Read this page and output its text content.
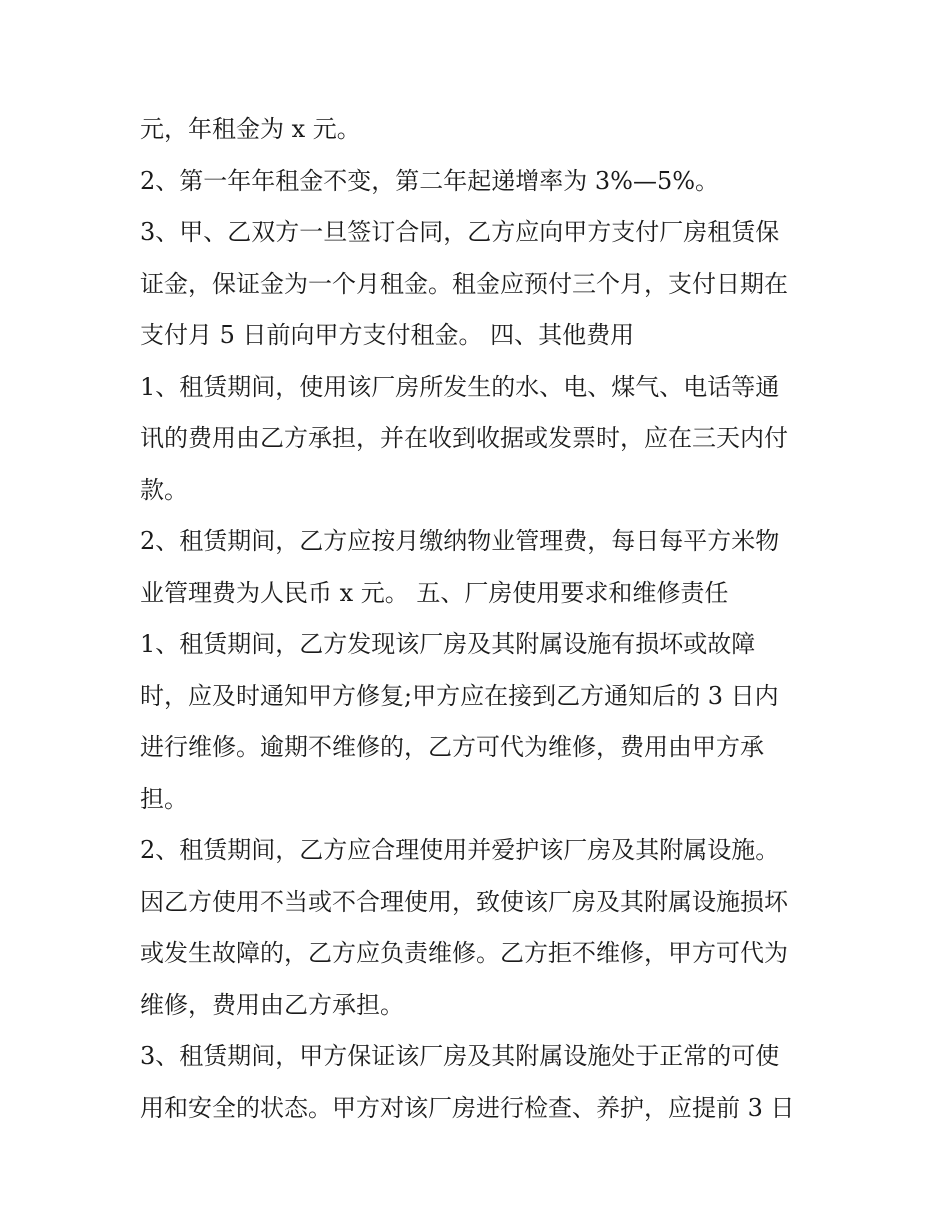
元，年租金为 x 元。
2、第一年年租金不变，第二年起递增率为 3%—5%。
3、甲、乙双方一旦签订合同，乙方应向甲方支付厂房租赁保
证金，保证金为一个月租金。租金应预付三个月，支付日期在
支付月 5 日前向甲方支付租金。 四、其他费用
1、租赁期间，使用该厂房所发生的水、电、煤气、电话等通
讯的费用由乙方承担，并在收到收据或发票时，应在三天内付
款。
2、租赁期间，乙方应按月缴纳物业管理费，每日每平方米物
业管理费为人民币 x 元。 五、厂房使用要求和维修责任
1、租赁期间，乙方发现该厂房及其附属设施有损坏或故障
时，应及时通知甲方修复;甲方应在接到乙方通知后的 3 日内
进行维修。逾期不维修的，乙方可代为维修，费用由甲方承
担。
2、租赁期间，乙方应合理使用并爱护该厂房及其附属设施。
因乙方使用不当或不合理使用，致使该厂房及其附属设施损坏
或发生故障的，乙方应负责维修。乙方拒不维修，甲方可代为
维修，费用由乙方承担。
3、租赁期间，甲方保证该厂房及其附属设施处于正常的可使
用和安全的状态。甲方对该厂房进行检查、养护，应提前 3 日
